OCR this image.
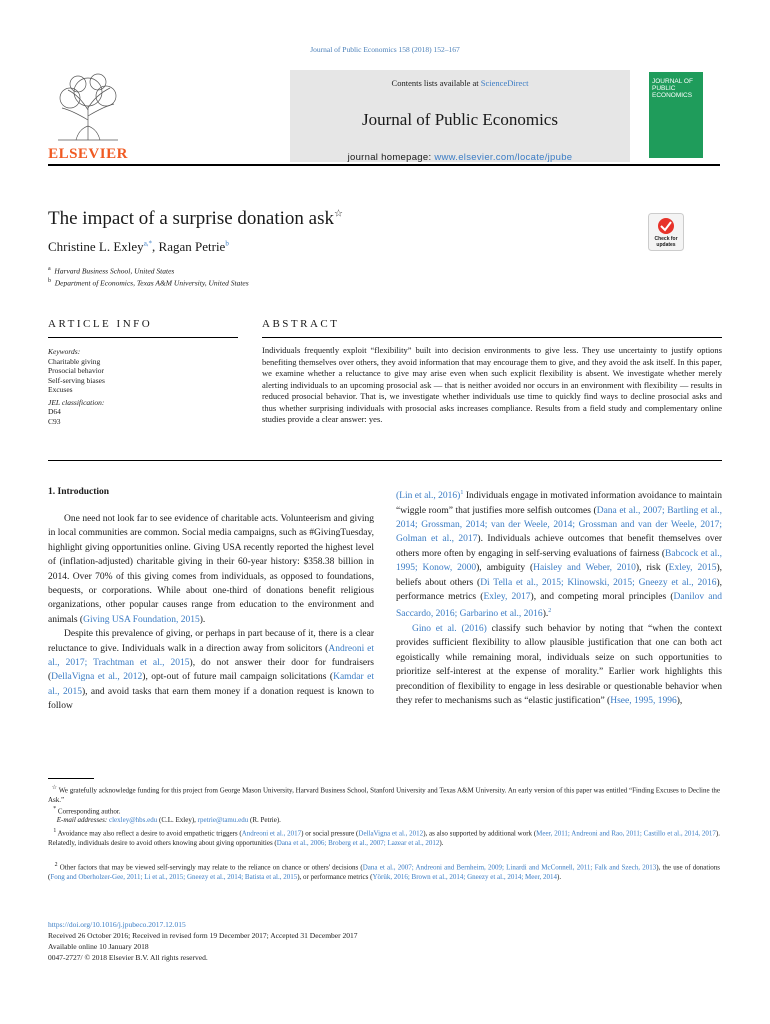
Journal of Public Economics 158 (2018) 152–167
ELSEVIER
Contents lists available at ScienceDirect
Journal of Public Economics
journal homepage: www.elsevier.com/locate/jpube
JOURNAL OF PUBLIC ECONOMICS
The impact of a surprise donation ask☆
Check for updates
Christine L. Exley$^{a,*}$, Ragan Petrie$^b$
$^a$ Harvard Business School, United States
$^b$ Department of Economics, Texas A&M University, United States
ARTICLE INFO	ABSTRACT
Keywords:
Charitable giving
Prosocial behavior
Self-serving biases
Excuses
JEL classification:
D64
C93
Individuals frequently exploit “flexibility” built into decision environments to give less. They use uncertainty to justify options benefiting themselves over others, they avoid information that may encourage them to give, and they avoid the ask itself. In this paper, we examine whether a reluctance to give may arise even when such explicit flexibility is absent. We investigate whether merely alerting individuals to an upcoming prosocial ask — that is neither avoided nor occurs in an environment with flexibility — results in reduced prosocial behavior. That is, we investigate whether individuals use time to quickly find ways to decline prosocial asks and thus whether surprising individuals with prosocial asks increases compliance. Results from a field study and complementary online studies provide a clear answer: yes.
1. Introduction

One need not look far to see evidence of charitable acts. Volunteerism and giving in local communities are common. Social media campaigns, such as #GivingTuesday, highlight giving opportunities online. Giving USA recently reported the highest level of (inflation-adjusted) charitable giving in their 60-year history: $358.38 billion in 2014. Over 70% of this giving comes from individuals, as opposed to foundations, bequests, or corporations. While about one-third of donations benefit religious organizations, other popular causes range from education to the environment and animals (Giving USA Foundation, 2015).

Despite this prevalence of giving, or perhaps in part because of it, there is a clear reluctance to give. Individuals walk in a direction away from solicitors (Andreoni et al., 2017; Trachtman et al., 2015), do not answer their door for fundraisers (DellaVigna et al., 2012), opt-out of future mail campaign solicitations (Kamdar et al., 2015), and avoid tasks that earn them money if a donation request is known to follow

(Lin et al., 2016)$^1$ Individuals engage in motivated information avoidance to maintain “wiggle room” that justifies more selfish outcomes (Dana et al., 2007; Bartling et al., 2014; Grossman, 2014; van der Weele, 2014; Grossman and van der Weele, 2017; Golman et al., 2017). Individuals achieve outcomes that benefit themselves over others more often by engaging in self-serving evaluations of fairness (Babcock et al., 1995; Konow, 2000), ambiguity (Haisley and Weber, 2010), risk (Exley, 2015), beliefs about others (Di Tella et al., 2015; Klinowski, 2015; Gneezy et al., 2016), performance metrics (Exley, 2017), and competing moral principles (Danilov and Saccardo, 2016; Garbarino et al., 2016).$^2$

Gino et al. (2016) classify such behavior by noting that “when the context provides sufficient flexibility to allow plausible justification that one can both act egoistically while remaining moral, individuals seize on such opportunities to prioritize self-interest at the expense of morality.” Earlier work highlights this precondition of flexibility to engage in less desirable or questionable behavior when they refer to mechanisms such as “elastic justification” (Hsee, 1995, 1996),

☆ We gratefully acknowledge funding for this project from George Mason University, Harvard Business School, Stanford University and Texas A&M University. An early version of this paper was entitled “Finding Excuses to Decline the Ask.”
* Corresponding author.
E-mail addresses: clexley@hbs.edu (C.L. Exley), rpetrie@tamu.edu (R. Petrie).
$^1$ Avoidance may also reflect a desire to avoid empathetic triggers (Andreoni et al., 2017) or social pressure (DellaVigna et al., 2012), as also supported by additional work (Meer, 2011; Andreoni and Rao, 2011; Castillo et al., 2014, 2017). Relatedly, individuals desire to avoid others knowing about giving opportunities (Dana et al., 2006; Broberg et al., 2007; Lazear et al., 2012).
$^2$ Other factors that may be viewed self-servingly may relate to the reliance on chance or others' decisions (Dana et al., 2007; Andreoni and Bernheim, 2009; Linardi and McConnell, 2011; Falk and Szech, 2013), the use of donations (Fong and Oberholzer-Gee, 2011; Li et al., 2015; Gneezy et al., 2014; Batista et al., 2015), or performance metrics (Yörük, 2016; Brown et al., 2014; Gneezy et al., 2014; Meer, 2014).
https://doi.org/10.1016/j.jpubeco.2017.12.015
Received 26 October 2016; Received in revised form 19 December 2017; Accepted 31 December 2017
Available online 10 January 2018
0047-2727/ © 2018 Elsevier B.V. All rights reserved.
